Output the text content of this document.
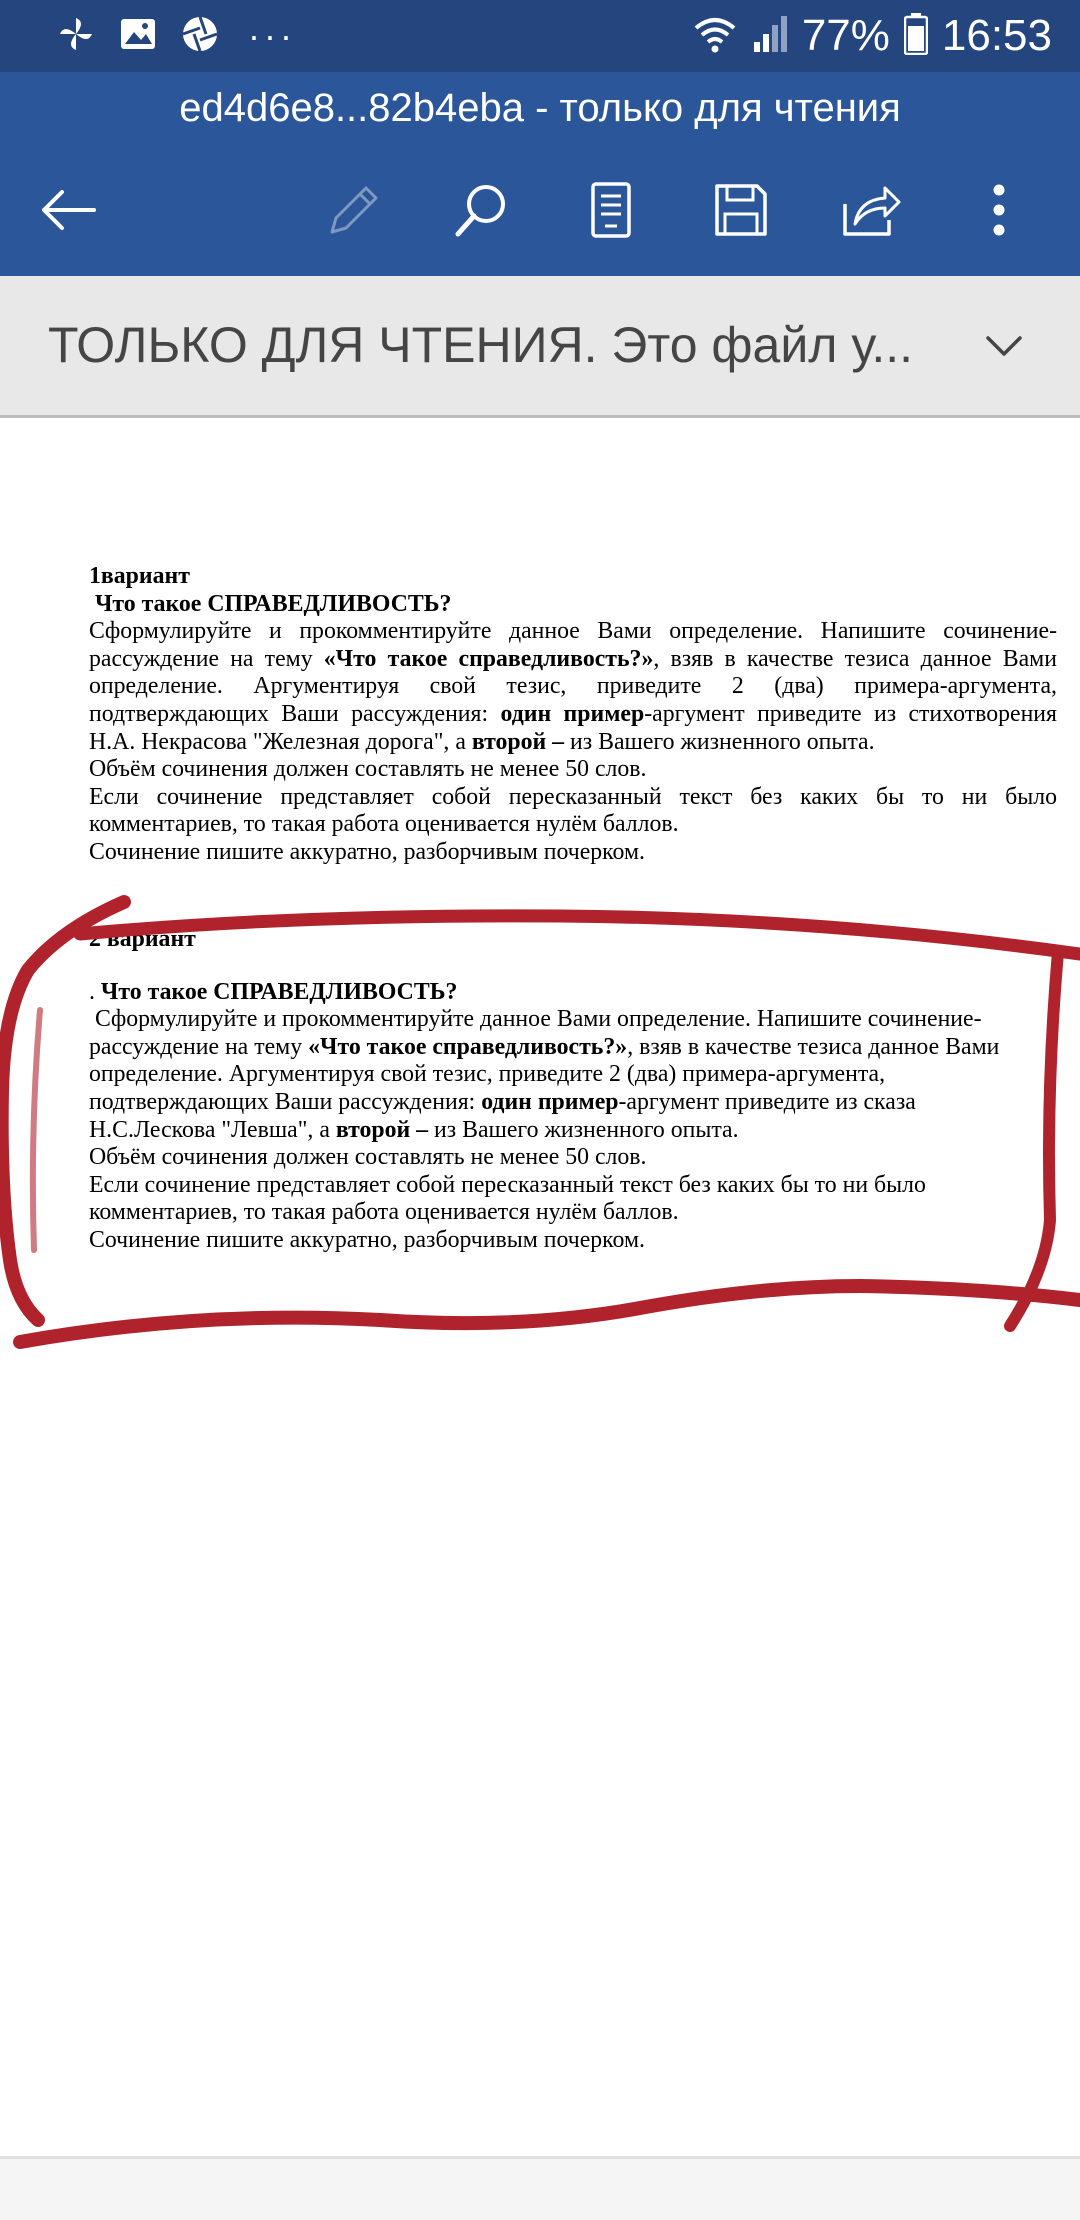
···	77% 16:53
ed4d6e8...82b4eba - только для чтения
ТОЛЬКО ДЛЯ ЧТЕНИЯ. Это файл у...

1вариант

Что такое СПРАВЕДЛИВОСТЬ?

Сформулируйте и прокомментируйте данное Вами определение. Напишите сочинение-рассуждение на тему «Что такое справедливость?», взяв в качестве тезиса данное Вами определение. Аргументируя свой тезис, приведите 2 (два) примера-аргумента, подтверждающих Ваши рассуждения: один пример-аргумент приведите из стихотворения Н.А. Некрасова "Железная дорога", а второй – из Вашего жизненного опыта.

Объём сочинения должен составлять не менее 50 слов.

Если сочинение представляет собой пересказанный текст без каких бы то ни было комментариев, то такая работа оценивается нулём баллов.

Сочинение пишите аккуратно, разборчивым почерком.

2 вариант

. Что такое СПРАВЕДЛИВОСТЬ?

Сформулируйте и прокомментируйте данное Вами определение. Напишите сочинение-

рассуждение на тему «Что такое справедливость?», взяв в качестве тезиса данное Вами

определение. Аргументируя свой тезис, приведите 2 (два) примера-аргумента,

подтверждающих Ваши рассуждения: один пример-аргумент приведите из сказа

Н.С.Лескова "Левша", а второй – из Вашего жизненного опыта.

Объём сочинения должен составлять не менее 50 слов.

Если сочинение представляет собой пересказанный текст без каких бы то ни было

комментариев, то такая работа оценивается нулём баллов.

Сочинение пишите аккуратно, разборчивым почерком.
